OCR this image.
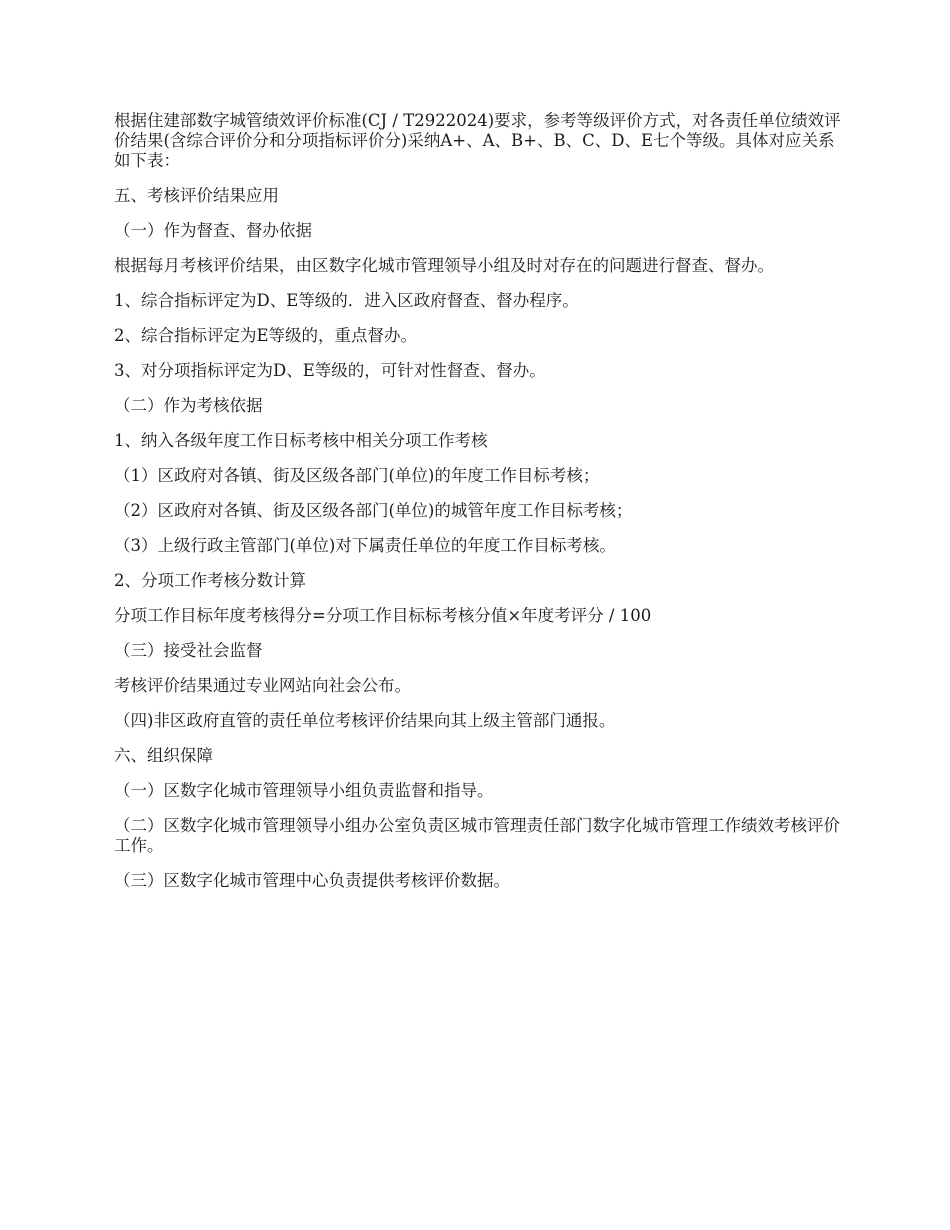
根据住建部数字城管绩效评价标准(CJ / T2922024)要求，参考等级评价方式，对各责任单位绩效评价结果(含综合评价分和分项指标评价分)采纳A+、A、B+、B、C、D、E七个等级。具体对应关系如下表：

五、考核评价结果应用

（一）作为督查、督办依据

根据每月考核评价结果，由区数字化城市管理领导小组及时对存在的问题进行督查、督办。

1、综合指标评定为D、E等级的．进入区政府督查、督办程序。

2、综合指标评定为E等级的，重点督办。

3、对分项指标评定为D、E等级的，可针对性督查、督办。

（二）作为考核依据

1、纳入各级年度工作日标考核中相关分项工作考核

（1）区政府对各镇、街及区级各部门(单位)的年度工作目标考核；

（2）区政府对各镇、街及区级各部门(单位)的城管年度工作目标考核；

（3）上级行政主管部门(单位)对下属责任单位的年度工作目标考核。

2、分项工作考核分数计算

分项工作目标年度考核得分=分项工作目标标考核分值×年度考评分 / 100

（三）接受社会监督

考核评价结果通过专业网站向社会公布。

（四)非区政府直管的责任单位考核评价结果向其上级主管部门通报。

六、组织保障

（一）区数字化城市管理领导小组负责监督和指导。

（二）区数字化城市管理领导小组办公室负责区城市管理责任部门数字化城市管理工作绩效考核评价工作。

（三）区数字化城市管理中心负责提供考核评价数据。
